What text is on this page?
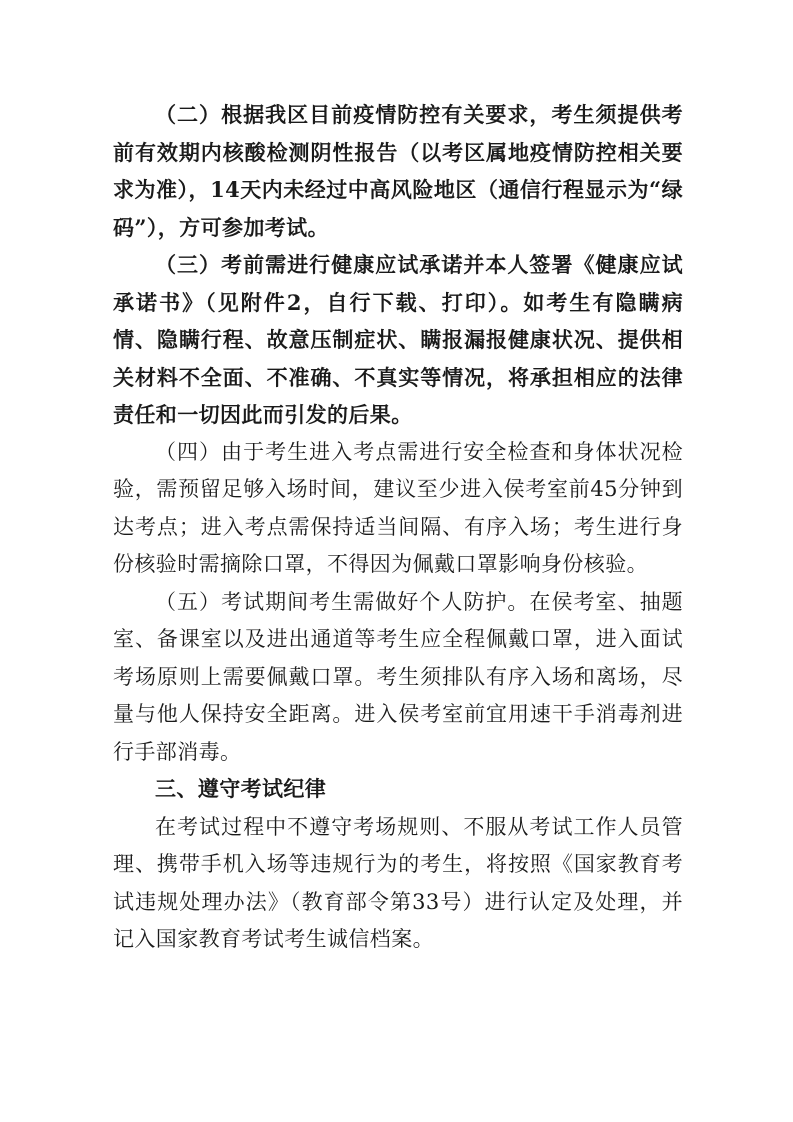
（二）根据我区目前疫情防控有关要求，考生须提供考前有效期内核酸检测阴性报告（以考区属地疫情防控相关要求为准），14天内未经过中高风险地区（通信行程显示为“绿码”），方可参加考试。

（三）考前需进行健康应试承诺并本人签署《健康应试承诺书》（见附件2，自行下载、打印）。如考生有隐瞒病情、隐瞒行程、故意压制症状、瞒报漏报健康状况、提供相关材料不全面、不准确、不真实等情况，将承担相应的法律责任和一切因此而引发的后果。

（四）由于考生进入考点需进行安全检查和身体状况检验，需预留足够入场时间，建议至少进入侯考室前45分钟到达考点；进入考点需保持适当间隔、有序入场；考生进行身份核验时需摘除口罩，不得因为佩戴口罩影响身份核验。

（五）考试期间考生需做好个人防护。在侯考室、抽题室、备课室以及进出通道等考生应全程佩戴口罩，进入面试考场原则上需要佩戴口罩。考生须排队有序入场和离场，尽量与他人保持安全距离。进入侯考室前宜用速干手消毒剂进行手部消毒。

三、遵守考试纪律

在考试过程中不遵守考场规则、不服从考试工作人员管理、携带手机入场等违规行为的考生，将按照《国家教育考试违规处理办法》（教育部令第33号）进行认定及处理，并记入国家教育考试考生诚信档案。
